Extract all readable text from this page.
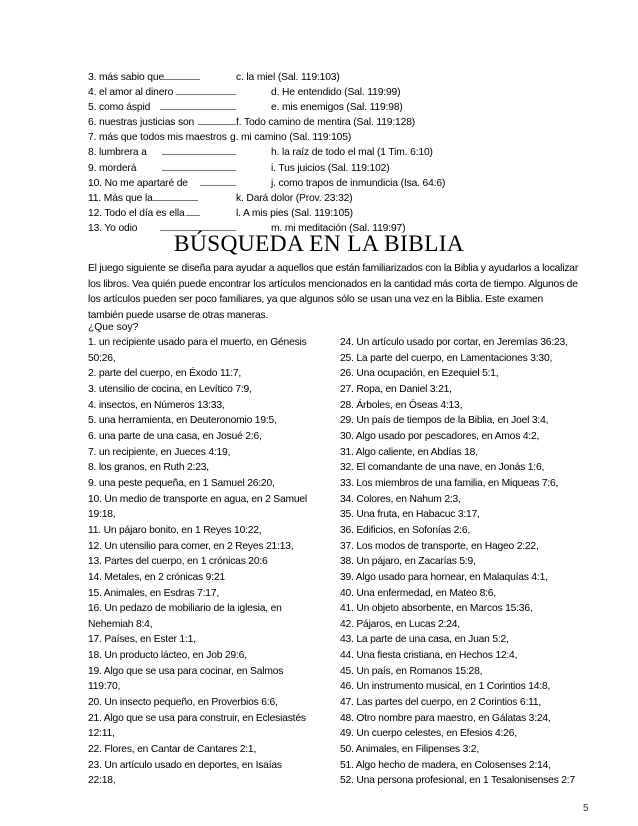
3. más sabio que	c. la miel (Sal. 119:103)
4. el amor al dinero	d. He entendido (Sal. 119:99)
5. como áspid	e. mis enemigos (Sal. 119:98)
6. nuestras justicias son	f. Todo camino de mentira (Sal. 119:128)
7. más que todos mis maestros g. mi camino (Sal. 119:105)
8. lumbrera a	h. la raíz de todo el mal (1 Tim. 6:10)
9. morderá	i. Tus juicios (Sal. 119:102)
10. No me apartaré de	j. como trapos de inmundicia (Isa. 64:6)
11. Más que la	k. Dará dolor (Prov. 23:32)
12. Todo el día es ella	l. A mis pies (Sal. 119:105)
13. Yo odio	m. mi meditación (Sal. 119:97)
BÚSQUEDA EN LA BIBLIA
El juego siguiente se diseña para ayudar a aquellos que están familiarizados con la Biblia y ayudarlos a localizar los libros. Vea quién puede encontrar los artículos mencionados en la cantidad más corta de tiempo. Algunos de los artículos pueden ser poco familiares, ya que algunos sólo se usan una vez en la Biblia. Este examen también puede usarse de otras maneras.
¿Que soy?
1. un recipiente usado para el muerto, en Génesis
50:26,
2. parte del cuerpo, en Éxodo 11:7,
3. utensilio de cocina, en Levítico 7:9,
4. insectos, en Números 13:33,
5. una herramienta, en Deuteronomio 19:5,
6. una parte de una casa, en Josué 2:6,
7. un recipiente, en Jueces 4:19,
8. los granos, en Ruth 2:23,
9. una peste pequeña, en 1 Samuel 26:20,
10. Un medio de transporte en agua, en 2 Samuel
19:18,
11. Un pájaro bonito, en 1 Reyes 10:22,
12. Un utensilio para comer, en 2 Reyes 21:13,
13. Partes del cuerpo, en 1 crónicas 20:6
14. Metales, en 2 crónicas 9:21
15. Animales, en Esdras 7:17,
16. Un pedazo de mobiliario de la iglesia, en
Nehemiah 8:4,
17. Países, en Ester 1:1,
18. Un producto lácteo, en Job 29:6,
19. Algo que se usa para cocinar, en Salmos
119:70,
20. Un insecto pequeño, en Proverbios 6:6,
21. Algo que se usa para construir, en Eclesiastés
12:11,
22. Flores, en Cantar de Cantares 2:1,
23. Un artículo usado en deportes, en Isaías
22:18,
24. Un artículo usado por cortar, en Jeremías 36:23,
25. La parte del cuerpo, en Lamentaciones 3:30,
26. Una ocupación, en Ezequiel 5:1,
27. Ropa, en Daniel 3:21,
28. Árboles, en Óseas 4:13,
29. Un país de tiempos de la Biblia, en Joel 3:4,
30. Algo usado por pescadores, en Amos 4:2,
31. Algo caliente, en Abdías 18,
32. El comandante de una nave, en Jonás 1:6,
33. Los miembros de una familia, en Miqueas 7:6,
34. Colores, en Nahum 2:3,
35. Una fruta, en Habacuc 3:17,
36. Edificios, en Sofonías 2:6,
37. Los modos de transporte, en Hageo 2:22,
38. Un pájaro, en Zacarías 5:9,
39. Algo usado para hornear, en Malaquías 4:1,
40. Una enfermedad, en Mateo 8:6,
41. Un objeto absorbente, en Marcos 15:36,
42. Pájaros, en Lucas 2:24,
43. La parte de una casa, en Juan 5:2,
44. Una fiesta cristiana, en Hechos 12:4,
45. Un país, en Romanos 15:28,
46. Un instrumento musical, en 1 Corintios 14:8,
47. Las partes del cuerpo, en 2 Corintios 6:11,
48. Otro nombre para maestro, en Gálatas 3:24,
49. Un cuerpo celestes, en Efesios 4:26,
50. Animales, en Filipenses 3:2,
51. Algo hecho de madera, en Colosenses 2:14,
52. Una persona profesional, en 1 Tesalonisenses 2:7
5
